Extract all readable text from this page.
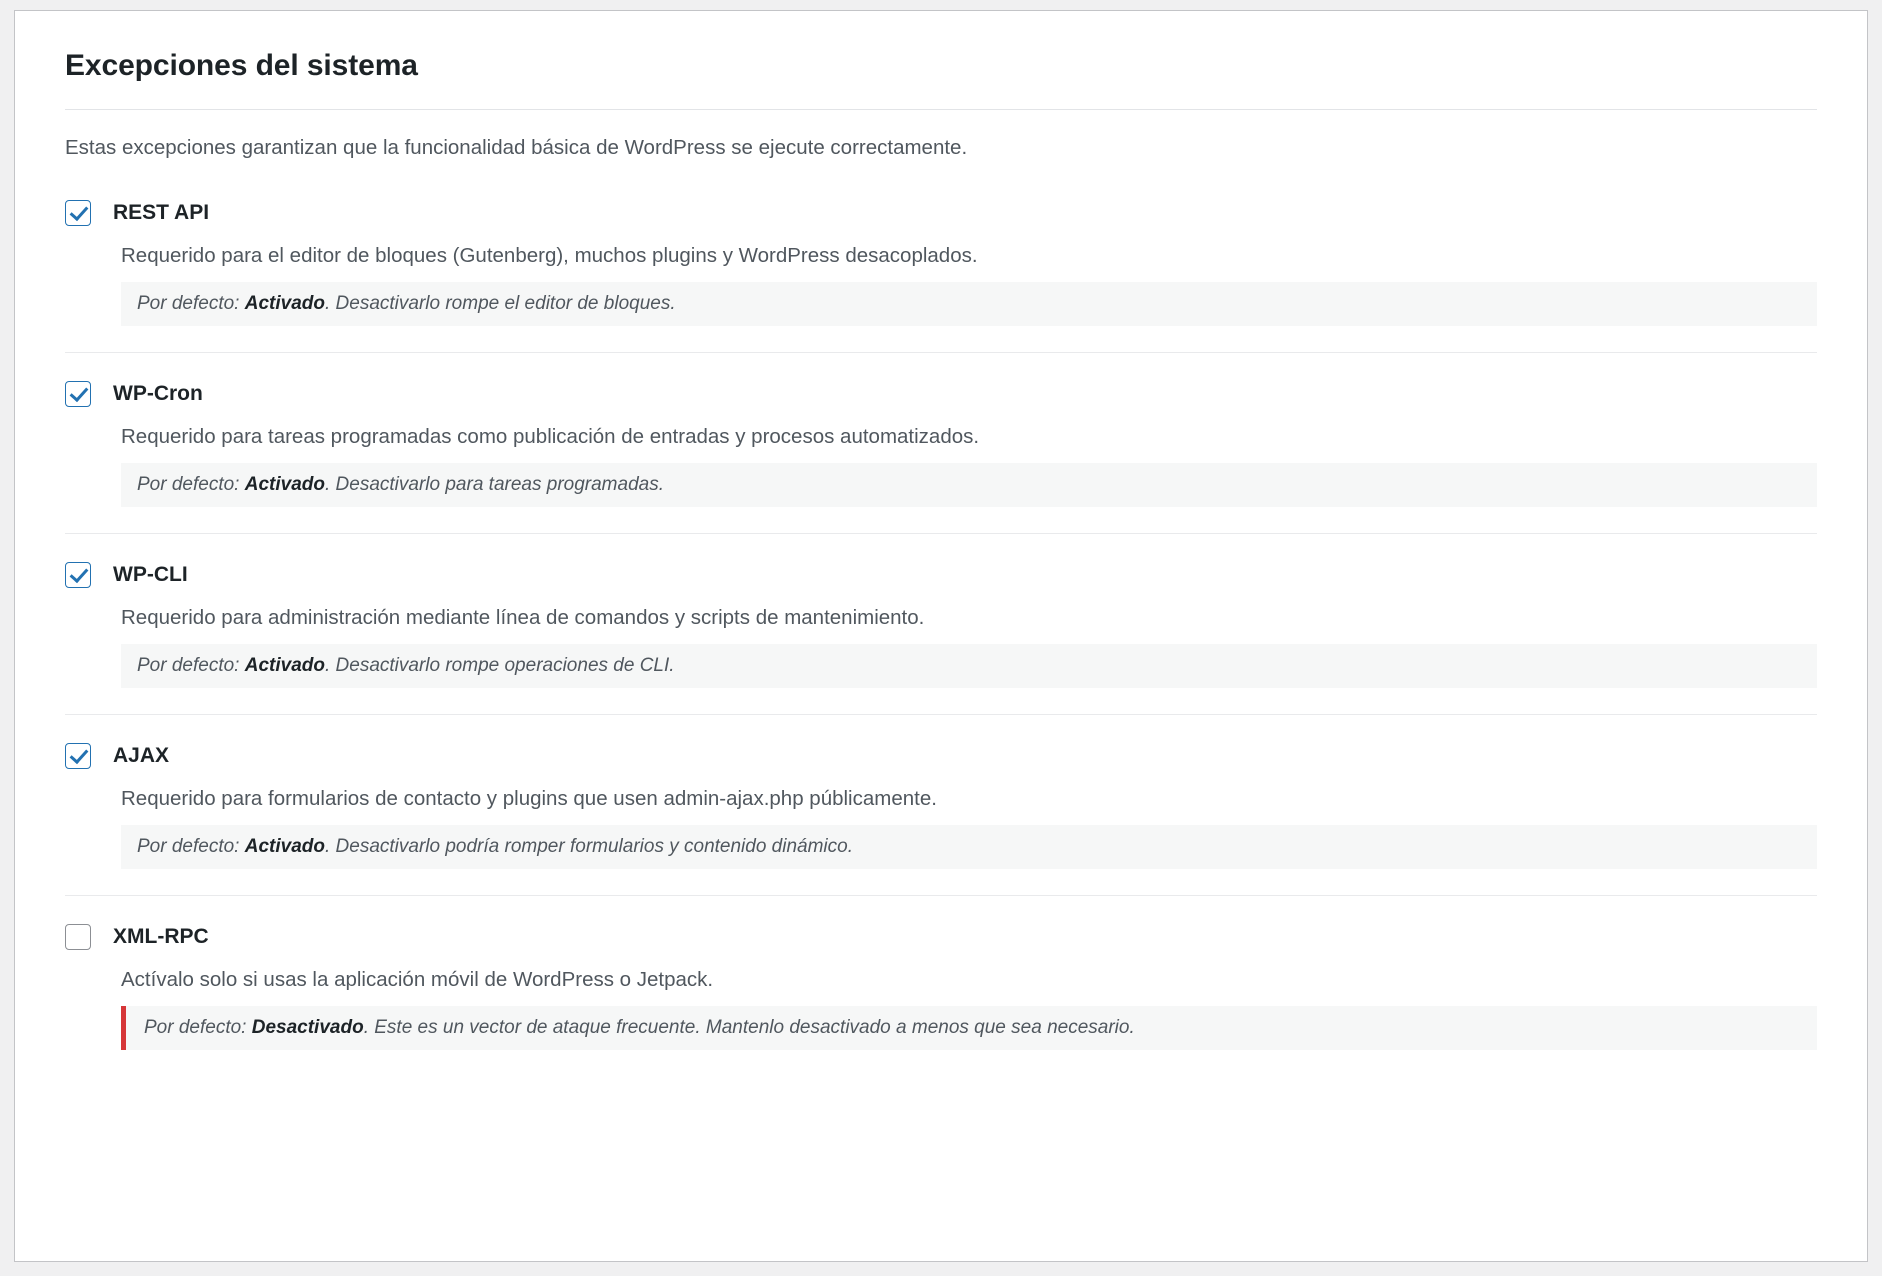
Excepciones del sistema

Estas excepciones garantizan que la funcionalidad básica de WordPress se ejecute correctamente.

REST API
Requerido para el editor de bloques (Gutenberg), muchos plugins y WordPress desacoplados.
Por defecto: Activado. Desactivarlo rompe el editor de bloques.
WP-Cron
Requerido para tareas programadas como publicación de entradas y procesos automatizados.
Por defecto: Activado. Desactivarlo para tareas programadas.
WP-CLI
Requerido para administración mediante línea de comandos y scripts de mantenimiento.
Por defecto: Activado. Desactivarlo rompe operaciones de CLI.
AJAX
Requerido para formularios de contacto y plugins que usen admin-ajax.php públicamente.
Por defecto: Activado. Desactivarlo podría romper formularios y contenido dinámico.
XML-RPC
Actívalo solo si usas la aplicación móvil de WordPress o Jetpack.
Por defecto: Desactivado. Este es un vector de ataque frecuente. Mantenlo desactivado a menos que sea necesario.
